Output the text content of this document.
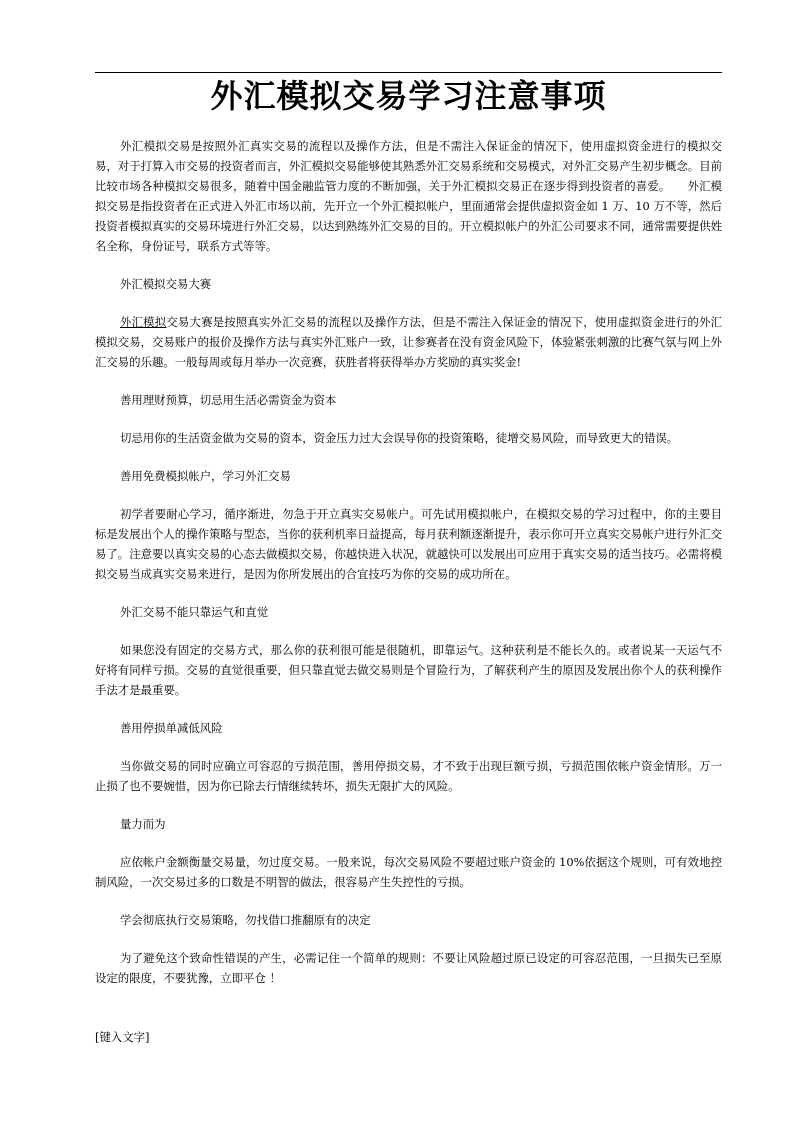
外汇模拟交易学习注意事项

外汇模拟交易是按照外汇真实交易的流程以及操作方法，但是不需注入保证金的情况下，使用虚拟资金进行的模拟交易，对于打算入市交易的投资者而言，外汇模拟交易能够使其熟悉外汇交易系统和交易模式，对外汇交易产生初步概念。目前比较市场各种模拟交易很多，随着中国金融监管力度的不断加强，关于外汇模拟交易正在逐步得到投资者的喜爱。　　外汇模拟交易是指投资者在正式进入外汇市场以前，先开立一个外汇模拟帐户，里面通常会提供虚拟资金如 1 万、10 万不等，然后投资者模拟真实的交易环境进行外汇交易，以达到熟练外汇交易的目的。开立模拟帐户的外汇公司要求不同，通常需要提供姓名全称，身份证号，联系方式等等。

外汇模拟交易大赛

外汇模拟交易大赛是按照真实外汇交易的流程以及操作方法，但是不需注入保证金的情况下，使用虚拟资金进行的外汇模拟交易，交易账户的报价及操作方法与真实外汇账户一致，让参赛者在没有资金风险下，体验紧张刺激的比赛气氛与网上外汇交易的乐趣。一般每周或每月举办一次竞赛，获胜者将获得举办方奖励的真实奖金!

善用理财预算，切忌用生活必需资金为资本

切忌用你的生活资金做为交易的资本，资金压力过大会误导你的投资策略，徒增交易风险，而导致更大的错误。

善用免费模拟帐户，学习外汇交易

初学者要耐心学习，循序渐进，勿急于开立真实交易帐户。可先试用模拟帐户，在模拟交易的学习过程中，你的主要目标是发展出个人的操作策略与型态，当你的获利机率日益提高，每月获利额逐渐提升，表示你可开立真实交易帐户进行外汇交易了。注意要以真实交易的心态去做模拟交易，你越快进入状况，就越快可以发展出可应用于真实交易的适当技巧。必需将模拟交易当成真实交易来进行，是因为你所发展出的合宜技巧为你的交易的成功所在。

外汇交易不能只靠运气和直觉

如果您没有固定的交易方式，那么你的获利很可能是很随机，即靠运气。这种获利是不能长久的。或者说某一天运气不好将有同样亏损。交易的直觉很重要，但只靠直觉去做交易则是个冒险行为，了解获利产生的原因及发展出你个人的获利操作手法才是最重要。

善用停损单减低风险

当你做交易的同时应确立可容忍的亏损范围，善用停损交易，才不致于出现巨额亏损，亏损范围依帐户资金情形。万一止损了也不要婉惜，因为你已除去行情继续转坏，损失无限扩大的风险。

量力而为

应依帐户金额衡量交易量，勿过度交易。一般来说，每次交易风险不要超过账户资金的 10%依据这个规则，可有效地控制风险，一次交易过多的口数是不明智的做法，很容易产生失控性的亏损。

学会彻底执行交易策略，勿找借口推翻原有的决定

为了避免这个致命性错误的产生，必需记住一个简单的规则：不要让风险超过原已设定的可容忍范围，一旦损失已至原设定的限度，不要犹豫，立即平仓 ！

[键入文字]
